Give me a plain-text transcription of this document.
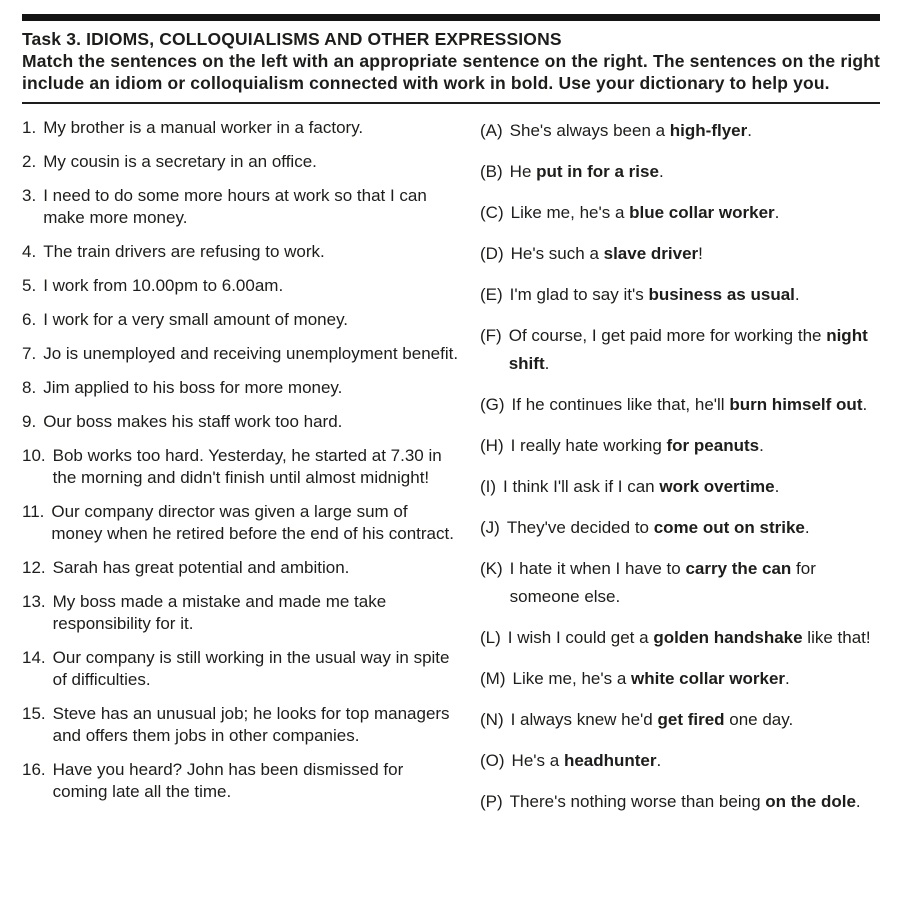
Task 3. IDIOMS, COLLOQUIALISMS AND OTHER EXPRESSIONS
Match the sentences on the left with an appropriate sentence on the right. The sentences on the right include an idiom or colloquialism connected with work in bold. Use your dictionary to help you.
1. My brother is a manual worker in a factory.
2. My cousin is a secretary in an office.
3. I need to do some more hours at work so that I can make more money.
4. The train drivers are refusing to work.
5. I work from 10.00pm to 6.00am.
6. I work for a very small amount of money.
7. Jo is unemployed and receiving unemployment benefit.
8. Jim applied to his boss for more money.
9. Our boss makes his staff work too hard.
10. Bob works too hard. Yesterday, he started at 7.30 in the morning and didn't finish until almost midnight!
11. Our company director was given a large sum of money when he retired before the end of his contract.
12. Sarah has great potential and ambition.
13. My boss made a mistake and made me take responsibility for it.
14. Our company is still working in the usual way in spite of difficulties.
15. Steve has an unusual job; he looks for top managers and offers them jobs in other companies.
16. Have you heard? John has been dismissed for coming late all the time.
(A) She's always been a high-flyer.
(B) He put in for a rise.
(C) Like me, he's a blue collar worker.
(D) He's such a slave driver!
(E) I'm glad to say it's business as usual.
(F) Of course, I get paid more for working the night shift.
(G) If he continues like that, he'll burn himself out.
(H) I really hate working for peanuts.
(I) I think I'll ask if I can work overtime.
(J) They've decided to come out on strike.
(K) I hate it when I have to carry the can for someone else.
(L) I wish I could get a golden handshake like that!
(M) Like me, he's a white collar worker.
(N) I always knew he'd get fired one day.
(O) He's a headhunter.
(P) There's nothing worse than being on the dole.
